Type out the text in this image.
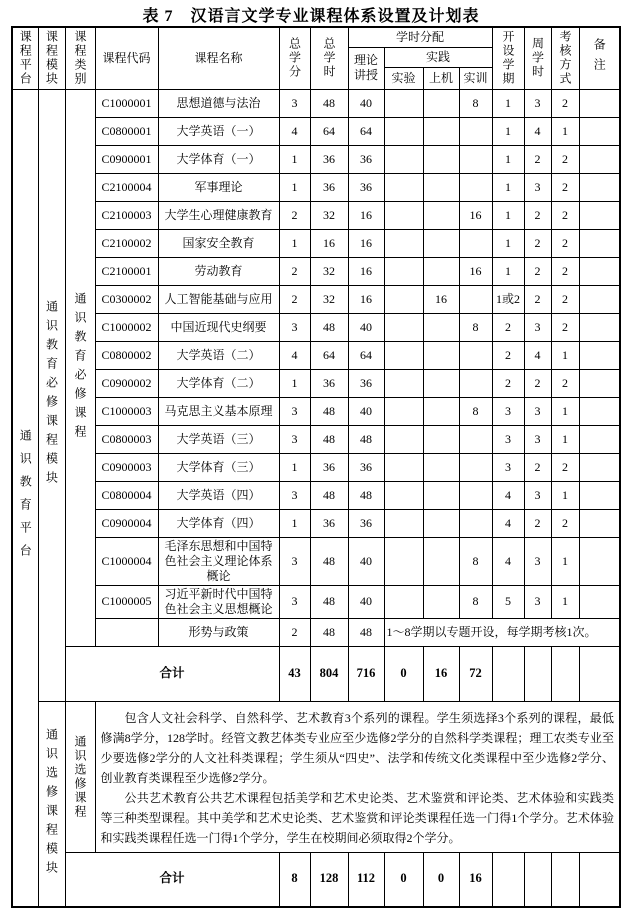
表 7　汉语言文学专业课程体系设置及计划表
课程平台	课程模块	课程类别	课程代码	课程名称	总学分	总学时	学时分配				开设学期	周学时	考核方式	备注
							理论讲授	实践						
								实验	上机	实训				
通识教育平台	通识教育必修课程模块	通识教育必修课程	C1000001	思想道德与法治	3	48	40			8	1	3	2	
			C0800001	大学英语（一）	4	64	64				1	4	1	
			C0900001	大学体育（一）	1	36	36				1	2	2	
			C2100004	军事理论	1	36	36				1	3	2	
			C2100003	大学生心理健康教育	2	32	16			16	1	2	2	
			C2100002	国家安全教育	1	16	16				1	2	2	
			C2100001	劳动教育	2	32	16			16	1	2	2	
			C0300002	人工智能基础与应用	2	32	16		16		1或2	2	2	
			C1000002	中国近现代史纲要	3	48	40			8	2	3	2	
			C0800002	大学英语（二）	4	64	64				2	4	1	
			C0900002	大学体育（二）	1	36	36				2	2	2	
			C1000003	马克思主义基本原理	3	48	40			8	3	3	1	
			C0800003	大学英语（三）	3	48	48				3	3	1	
			C0900003	大学体育（三）	1	36	36				3	2	2	
			C0800004	大学英语（四）	3	48	48				4	3	1	
			C0900004	大学体育（四）	1	36	36				4	2	2	
			C1000004	毛泽东思想和中国特色社会主义理论体系概论	3	48	40			8	4	3	1	
			C1000005	习近平新时代中国特色社会主义思想概论	3	48	40			8	5	3	1	
				形势与政策	2	48	48	1～8学期以专题开设，每学期考核1次。						
		合计			43	804	716	0	16	72				
	通识选修课程模块	通识选修课程	包含人文社会科学、自然科学、艺术教育3个系列的课程。学生须选择3个系列的课程，最低修满8学分，128学时。经管文教艺体类专业应至少选修2学分的自然科学类课程；理工农类专业至少要选修2学分的人文社科类课程；学生须从“四史”、法学和传统文化类课程中至少选修2学分、创业教育类课程至少选修2学分。

公共艺术教育公共艺术课程包括美学和艺术史论类、艺术鉴赏和评论类、艺术体验和实践类等三种类型课程。其中美学和艺术史论类、艺术鉴赏和评论类课程任选一门得1个学分。艺术体验和实践类课程任选一门得1个学分，学生在校期间必须取得2个学分。											

		合计			8	128	112	0	0	16				
